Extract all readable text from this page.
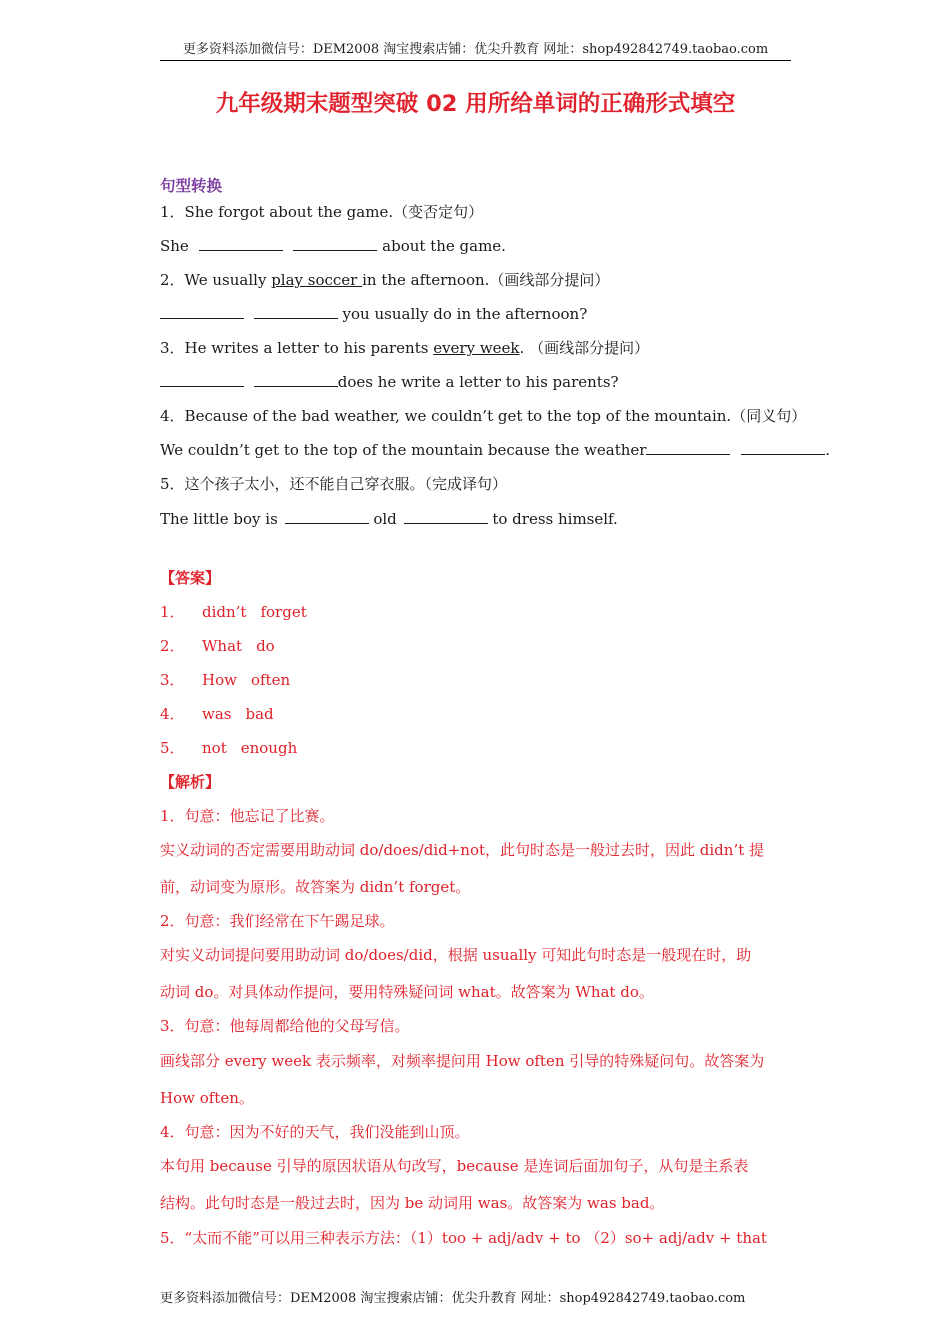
更多资料添加微信号：DEM2008 淘宝搜索店铺：优尖升教育 网址：shop492842749.taobao.com
九年级期末题型突破 02 用所给单词的正确形式填空
句型转换
1．She forgot about the game.（变否定句）
She	about the game.
2．We usually play soccer in the afternoon.（画线部分提问）
you usually do in the afternoon?
3．He writes a letter to his parents every week. （画线部分提问）
does he write a letter to his parents?
4．Because of the bad weather, we couldn’t get to the top of the mountain.（同义句）
We couldn’t get to the top of the mountain because the weather	.
5．这个孩子太小，还不能自己穿衣服。（完成译句）
The little boy is	old	to dress himself.
【答案】
1． didn’t forget
2． What do
3． How often
4． was bad
5． not enough
【解析】
1．句意：他忘记了比赛。
实义动词的否定需要用助动词 do/does/did+not，此句时态是一般过去时，因此 didn’t 提
前，动词变为原形。故答案为 didn’t forget。
2．句意：我们经常在下午踢足球。
对实义动词提问要用助动词 do/does/did，根据 usually 可知此句时态是一般现在时，助
动词 do。对具体动作提问，要用特殊疑问词 what。故答案为 What do。
3．句意：他每周都给他的父母写信。
画线部分 every week 表示频率，对频率提问用 How often 引导的特殊疑问句。故答案为
How often。
4．句意：因为不好的天气，我们没能到山顶。
本句用 because 引导的原因状语从句改写，because 是连词后面加句子，从句是主系表
结构。此句时态是一般过去时，因为 be 动词用 was。故答案为 was bad。
5．“太而不能”可以用三种表示方法：（1）too + adj/adv + to （2）so+ adj/adv + that
更多资料添加微信号：DEM2008 淘宝搜索店铺：优尖升教育 网址：shop492842749.taobao.com
